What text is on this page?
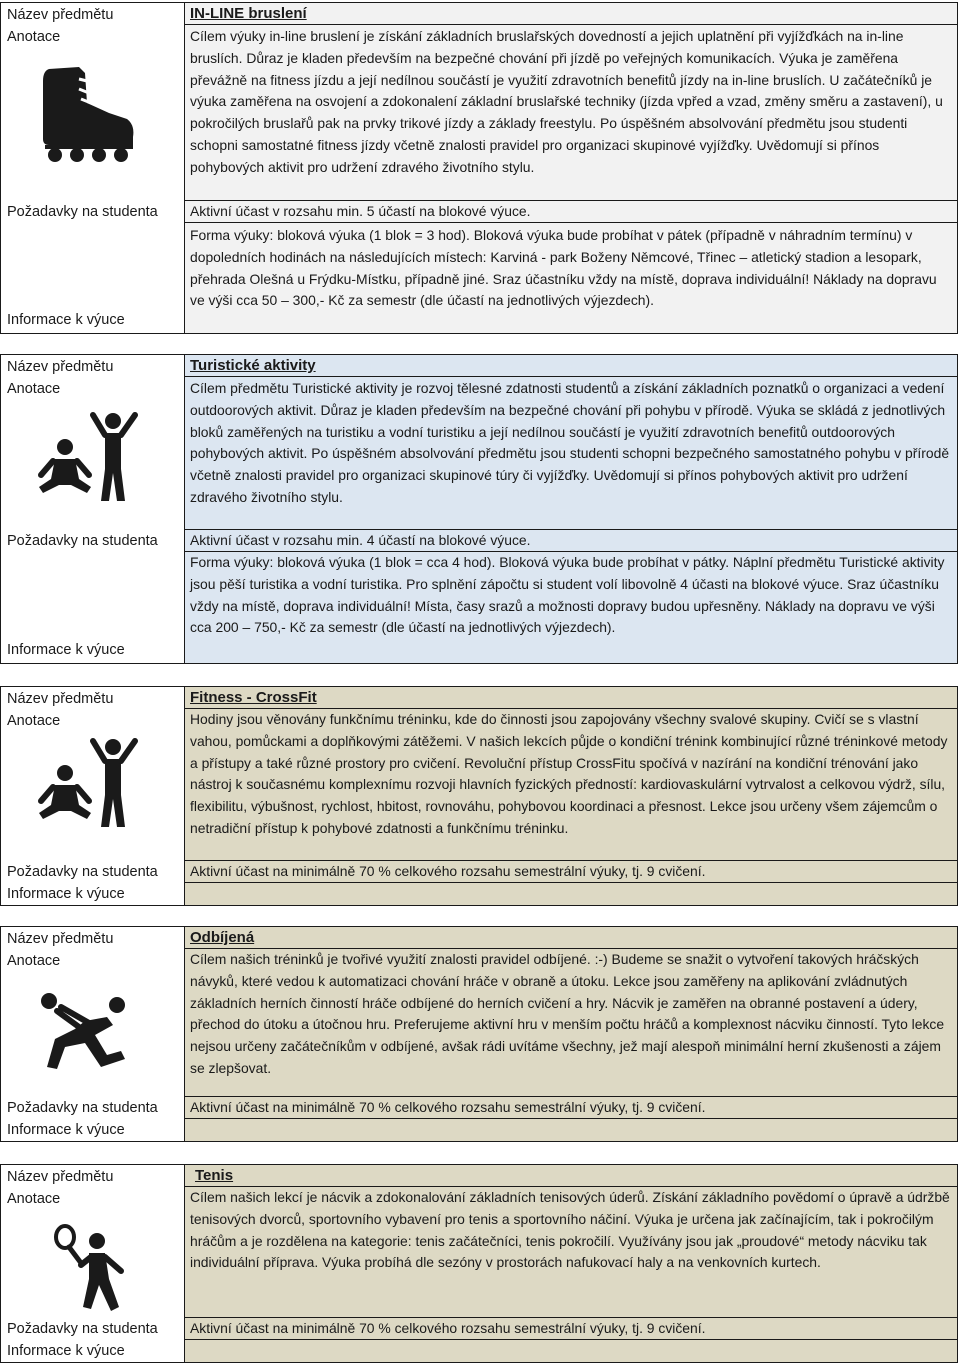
Název předmětu
Anotace
Požadavky na studenta
Informace k výuce
IN-LINE bruslení
Cílem výuky in-line bruslení je získání základních bruslařských dovedností a jejich uplatnění při vyjížďkách na in-line bruslích. Důraz je kladen především na bezpečné chování při jízdě po veřejných komunikacích. Výuka je zaměřena převážně na fitness jízdu a její nedílnou součástí je využití zdravotních benefitů jízdy na in-line bruslích. U začátečníků je výuka zaměřena na osvojení a zdokonalení základní bruslařské techniky (jízda vpřed a vzad, změny směru a zastavení), u pokročilých bruslařů pak na prvky trikové jízdy a základy freestylu. Po úspěšném absolvování předmětu jsou studenti schopni samostatné fitness jízdy včetně znalosti pravidel pro organizaci skupinové vyjížďky. Uvědomují si přínos pohybových aktivit pro udržení zdravého životního stylu.
Aktivní účast v rozsahu min. 5 účastí na blokové výuce.
Forma výuky: bloková výuka (1 blok = 3 hod). Bloková výuka bude probíhat v pátek (případně v náhradním termínu) v dopoledních hodinách na následujících místech: Karviná - park Boženy Němcové, Třinec – atletický stadion a lesopark, přehrada Olešná u Frýdku-Místku, případně jiné. Sraz účastníku vždy na místě, doprava individuální! Náklady na dopravu ve výši cca 50 – 300,- Kč za semestr (dle účastí na jednotlivých výjezdech).
Název předmětu
Anotace
Požadavky na studenta
Informace k výuce
Turistické aktivity
Cílem předmětu Turistické aktivity je rozvoj tělesné zdatnosti studentů a získání základních poznatků o organizaci a vedení outdoorových aktivit. Důraz je kladen především na bezpečné chování při pohybu v přírodě. Výuka se skládá z jednotlivých bloků zaměřených na turistiku a vodní turistiku a její nedílnou součástí je využití zdravotních benefitů outdoorových pohybových aktivit. Po úspěšném absolvování předmětu jsou studenti schopni bezpečného samostatného pohybu v přírodě včetně znalosti pravidel pro organizaci skupinové túry či vyjížďky. Uvědomují si přínos pohybových aktivit pro udržení zdravého životního stylu.
Aktivní účast v rozsahu min. 4 účastí na blokové výuce.
Forma výuky: bloková výuka (1 blok = cca 4 hod). Bloková výuka bude probíhat v pátky. Náplní předmětu Turistické aktivity jsou pěší turistika a vodní turistika. Pro splnění zápočtu si student volí libovolně 4 účasti na blokové výuce. Sraz účastníku vždy na místě, doprava individuální! Místa, časy srazů a možnosti dopravy budou upřesněny. Náklady na dopravu ve výši cca 200 – 750,- Kč za semestr (dle účastí na jednotlivých výjezdech).
Název předmětu
Anotace
Požadavky na studenta
Informace k výuce
Fitness - CrossFit
Hodiny jsou věnovány funkčnímu tréninku, kde do činnosti jsou zapojovány všechny svalové skupiny. Cvičí se s vlastní vahou, pomůckami a doplňkovými zátěžemi. V našich lekcích půjde o kondiční trénink kombinující různé tréninkové metody a přístupy a také různé prostory pro cvičení. Revoluční přístup CrossFitu spočívá v nazírání na kondiční trénování jako nástroj k současnému komplexnímu rozvoji hlavních fyzických předností: kardiovaskulární vytrvalost a celkovou výdrž, sílu, flexibilitu, výbušnost, rychlost, hbitost, rovnováhu, pohybovou koordinaci a přesnost. Lekce jsou určeny všem zájemcům o netradiční přístup k pohybové zdatnosti a funkčnímu tréninku.
Aktivní účast na minimálně 70 % celkového rozsahu semestrální výuky, tj. 9 cvičení.
Název předmětu
Anotace
Požadavky na studenta
Informace k výuce
Odbíjená
Cílem našich tréninků je tvořivé využití znalosti pravidel odbíjené. :-) Budeme se snažit o vytvoření takových hráčských návyků, které vedou k automatizaci chování hráče v obraně a útoku. Lekce jsou zaměřeny na aplikování zvládnutých základních herních činností hráče odbíjené do herních cvičení a hry. Nácvik je zaměřen na obranné postavení a údery, přechod do útoku a útočnou hru. Preferujeme aktivní hru v menším počtu hráčů a komplexnost nácviku činností. Tyto lekce nejsou určeny začátečníkům v odbíjené, avšak rádi uvítáme všechny, jež mají alespoň minimální herní zkušenosti a zájem se zlepšovat.
Aktivní účast na minimálně 70 % celkového rozsahu semestrální výuky, tj. 9 cvičení.
Název předmětu
Anotace
Požadavky na studenta
Informace k výuce
Tenis
Cílem našich lekcí je nácvik a zdokonalování základních tenisových úderů. Získání základního povědomí o úpravě a údržbě tenisových dvorců, sportovního vybavení pro tenis a sportovního náčiní. Výuka je určena jak začínajícím, tak i pokročilým hráčům a je rozdělena na kategorie: tenis začátečníci, tenis pokročilí. Využívány jsou jak „proudové“ metody nácviku tak individuální příprava. Výuka probíhá dle sezóny v prostorách nafukovací haly a na venkovních kurtech.
Aktivní účast na minimálně 70 % celkového rozsahu semestrální výuky, tj. 9 cvičení.
